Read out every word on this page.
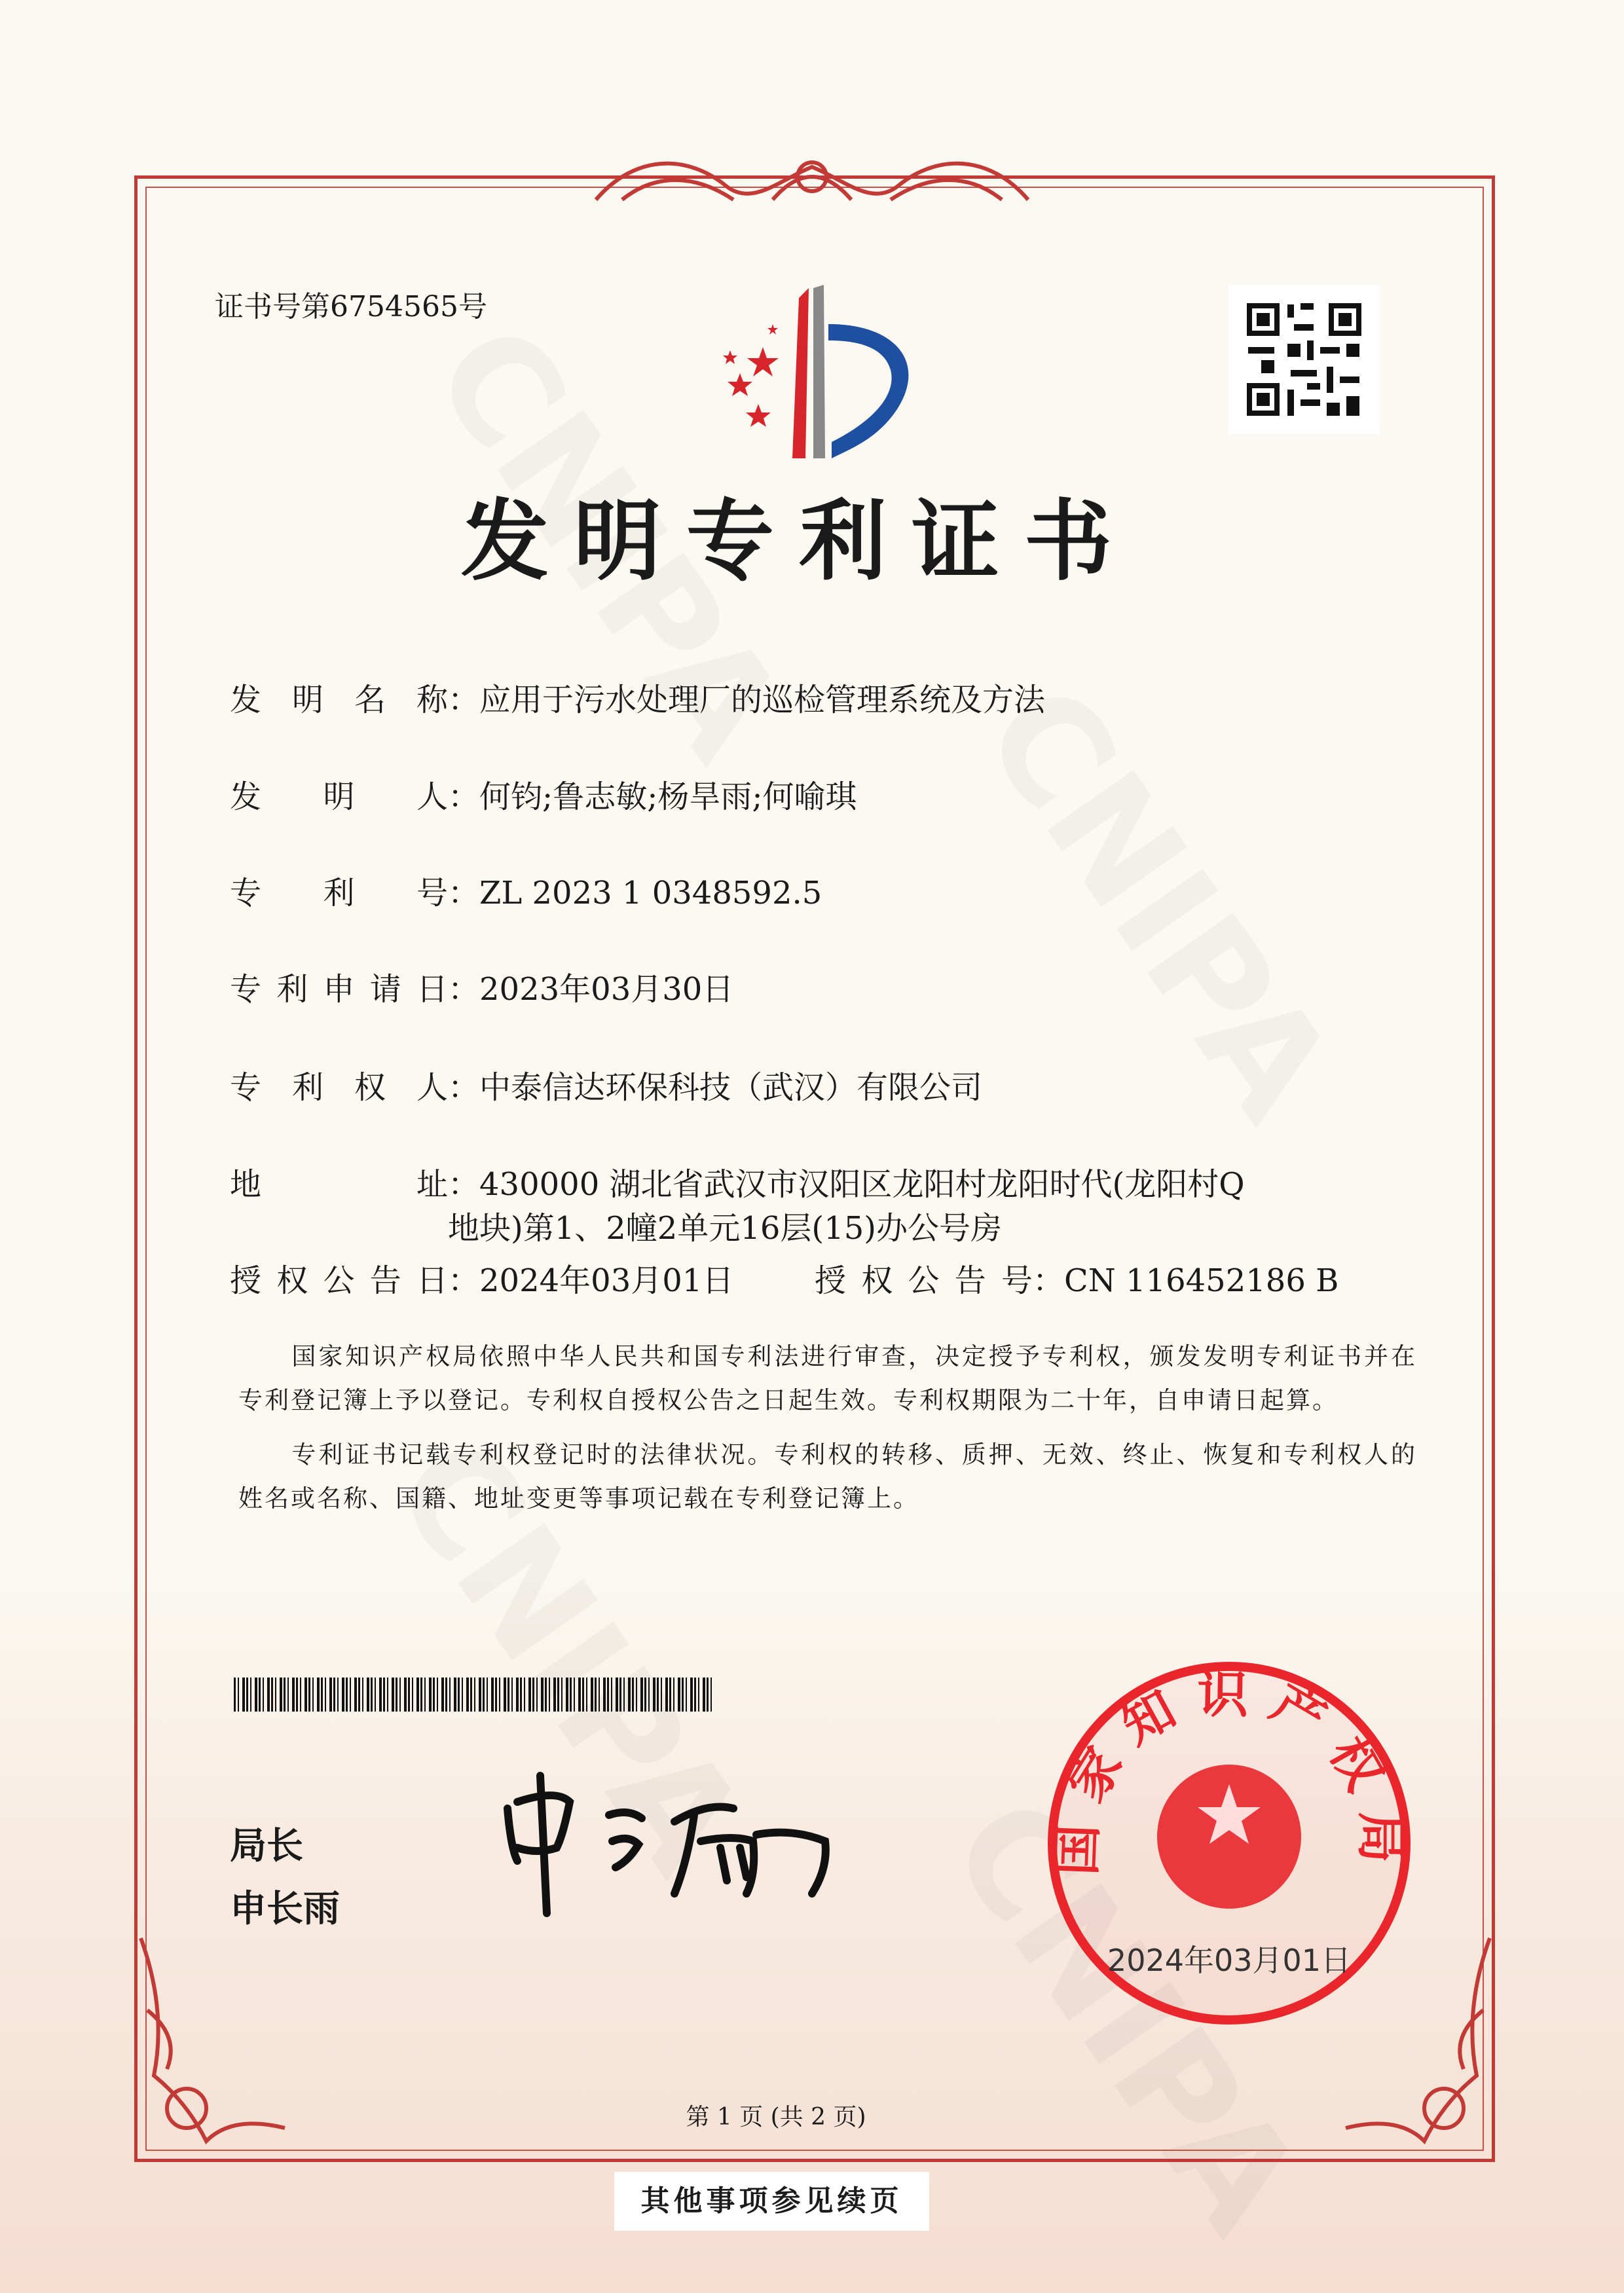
证书号第6754565号
发明专利证书
发明名称：应用于污水处理厂的巡检管理系统及方法
发明人：何钧;鲁志敏;杨旱雨;何喻琪
专利号：ZL 2023 1 0348592.5
专利申请日：2023年03月30日
专利权人：中泰信达环保科技（武汉）有限公司
地址：430000 湖北省武汉市汉阳区龙阳村龙阳时代(龙阳村Q
地块)第1、2幢2单元16层(15)办公号房
授权公告日：2024年03月01日	授权公告号：CN 116452186 B

国家知识产权局依照中华人民共和国专利法进行审查，决定授予专利权，颁发发明专利证书并在专利登记簿上予以登记。专利权自授权公告之日起生效。专利权期限为二十年，自申请日起算。

专利证书记载专利权登记时的法律状况。专利权的转移、质押、无效、终止、恢复和专利权人的姓名或名称、国籍、地址变更等事项记载在专利登记簿上。

局长
申长雨
国家知识产权局
2024年03月01日
第 1 页 (共 2 页)
其他事项参见续页
